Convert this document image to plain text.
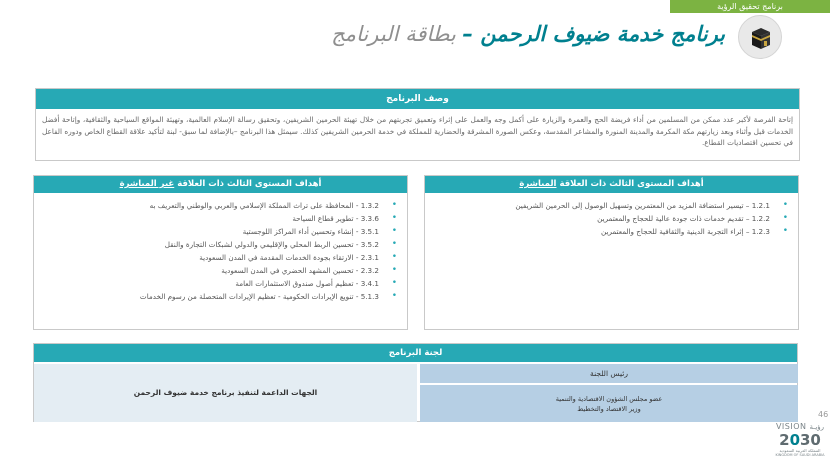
برنامج تحقيق الرؤية
برنامج خدمة ضيوف الرحمن – بطاقة البرنامج
وصف البرنامج
إتاحة الفرصة لأكبر عدد ممكن من المسلمين من أداء فريضة الحج والعمرة والزيارة على أكمل وجه والعمل على إثراء وتعميق تجربتهم من خلال تهيئة الحرمين الشريفين، وتحقيق رسالة الإسلام العالمية، وتهيئة المواقع السياحية والثقافية، وإتاحة أفضل الخدمات قبل وأثناء وبعد زيارتهم مكة المكرمة والمدينة المنورة والمشاعر المقدسة، وعكس الصورة المشرقة والحضارية للمملكة في خدمة الحرمين الشريفين كذلك. سيمثل هذا البرنامج –بالإضافة لما سبق- لبنة لتأكيد علاقة القطاع الخاص ودوره الفاعل في تحسين اقتصاديات القطاع.
أهداف المستوى الثالث ذات العلاقة المباشرة
•
1.2.1 – تيسير استضافة المزيد من المعتمرين وتسهيل الوصول إلى الحرمين الشريفين
•
1.2.2 – تقديم خدمات ذات جودة عالية للحجاج والمعتمرين
•
1.2.3 – إثراء التجربة الدينية والثقافية للحجاج والمعتمرين
أهداف المستوى الثالث ذات العلاقة غير المباشرة
•
1.3.2 - المحافظة على تراث المملكة الإسلامي والعربي والوطني والتعريف به
•
3.3.6 - تطوير قطاع السياحة
•
3.5.1 - إنشاء وتحسين أداء المراكز اللوجستية
•
3.5.2 - تحسين الربط المحلي والإقليمي والدولي لشبكات التجارة والنقل
•
2.3.1 - الارتقاء بجودة الخدمات المقدمة في المدن السعودية
•
2.3.2 - تحسين المشهد الحضري في المدن السعودية
•
3.4.1 - تعظيم أصول صندوق الاستثمارات العامة
•
5.1.3 - تنويع الإيرادات الحكومية - تعظيم الإيرادات المتحصلة من رسوم الخدمات
لجنة البرنامج
الجهات الداعمة لتنفيذ برنامج خدمة ضيوف الرحمن
رئيس اللجنة
عضو مجلس الشؤون الاقتصادية والتنمية
وزير الاقتصاد والتخطيط
46
VISION رؤيـة
2030
المملكة العربية السعودية
KINGDOM OF SAUDI ARABIA
